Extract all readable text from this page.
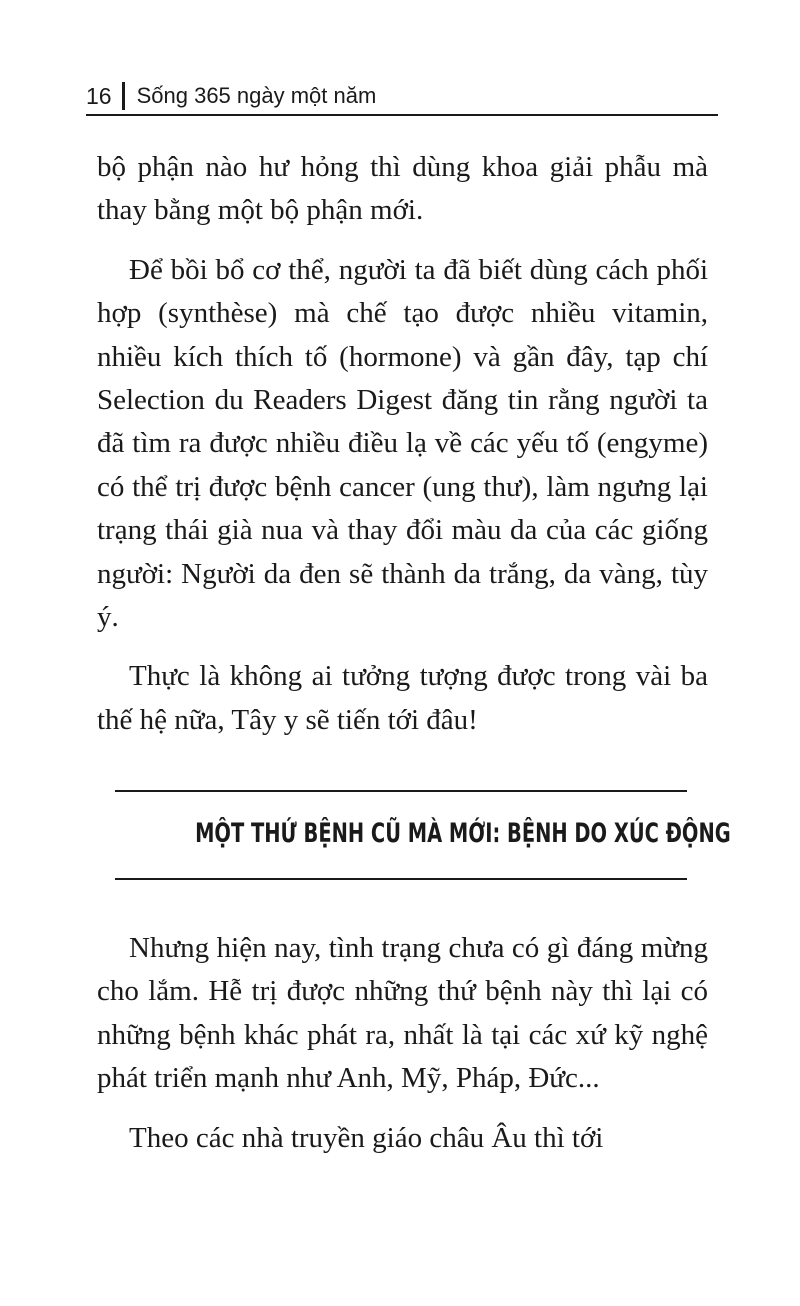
16	Sống 365 ngày một năm

bộ phận nào hư hỏng thì dùng khoa giải phẫu mà thay bằng một bộ phận mới.

Để bồi bổ cơ thể, người ta đã biết dùng cách phối hợp (synthèse) mà chế tạo được nhiều vitamin, nhiều kích thích tố (hormone) và gần đây, tạp chí Selection du Readers Digest đăng tin rằng người ta đã tìm ra được nhiều điều lạ về các yếu tố (engyme) có thể trị được bệnh cancer (ung thư), làm ngưng lại trạng thái già nua và thay đổi màu da của các giống người: Người da đen sẽ thành da trắng, da vàng, tùy ý.

Thực là không ai tưởng tượng được trong vài ba thế hệ nữa, Tây y sẽ tiến tới đâu!

MỘT THỨ BỆNH CŨ MÀ MỚI: BỆNH DO XÚC ĐỘNG

Nhưng hiện nay, tình trạng chưa có gì đáng mừng cho lắm. Hễ trị được những thứ bệnh này thì lại có những bệnh khác phát ra, nhất là tại các xứ kỹ nghệ phát triển mạnh như Anh, Mỹ, Pháp, Đức...

Theo các nhà truyền giáo châu Âu thì tới
